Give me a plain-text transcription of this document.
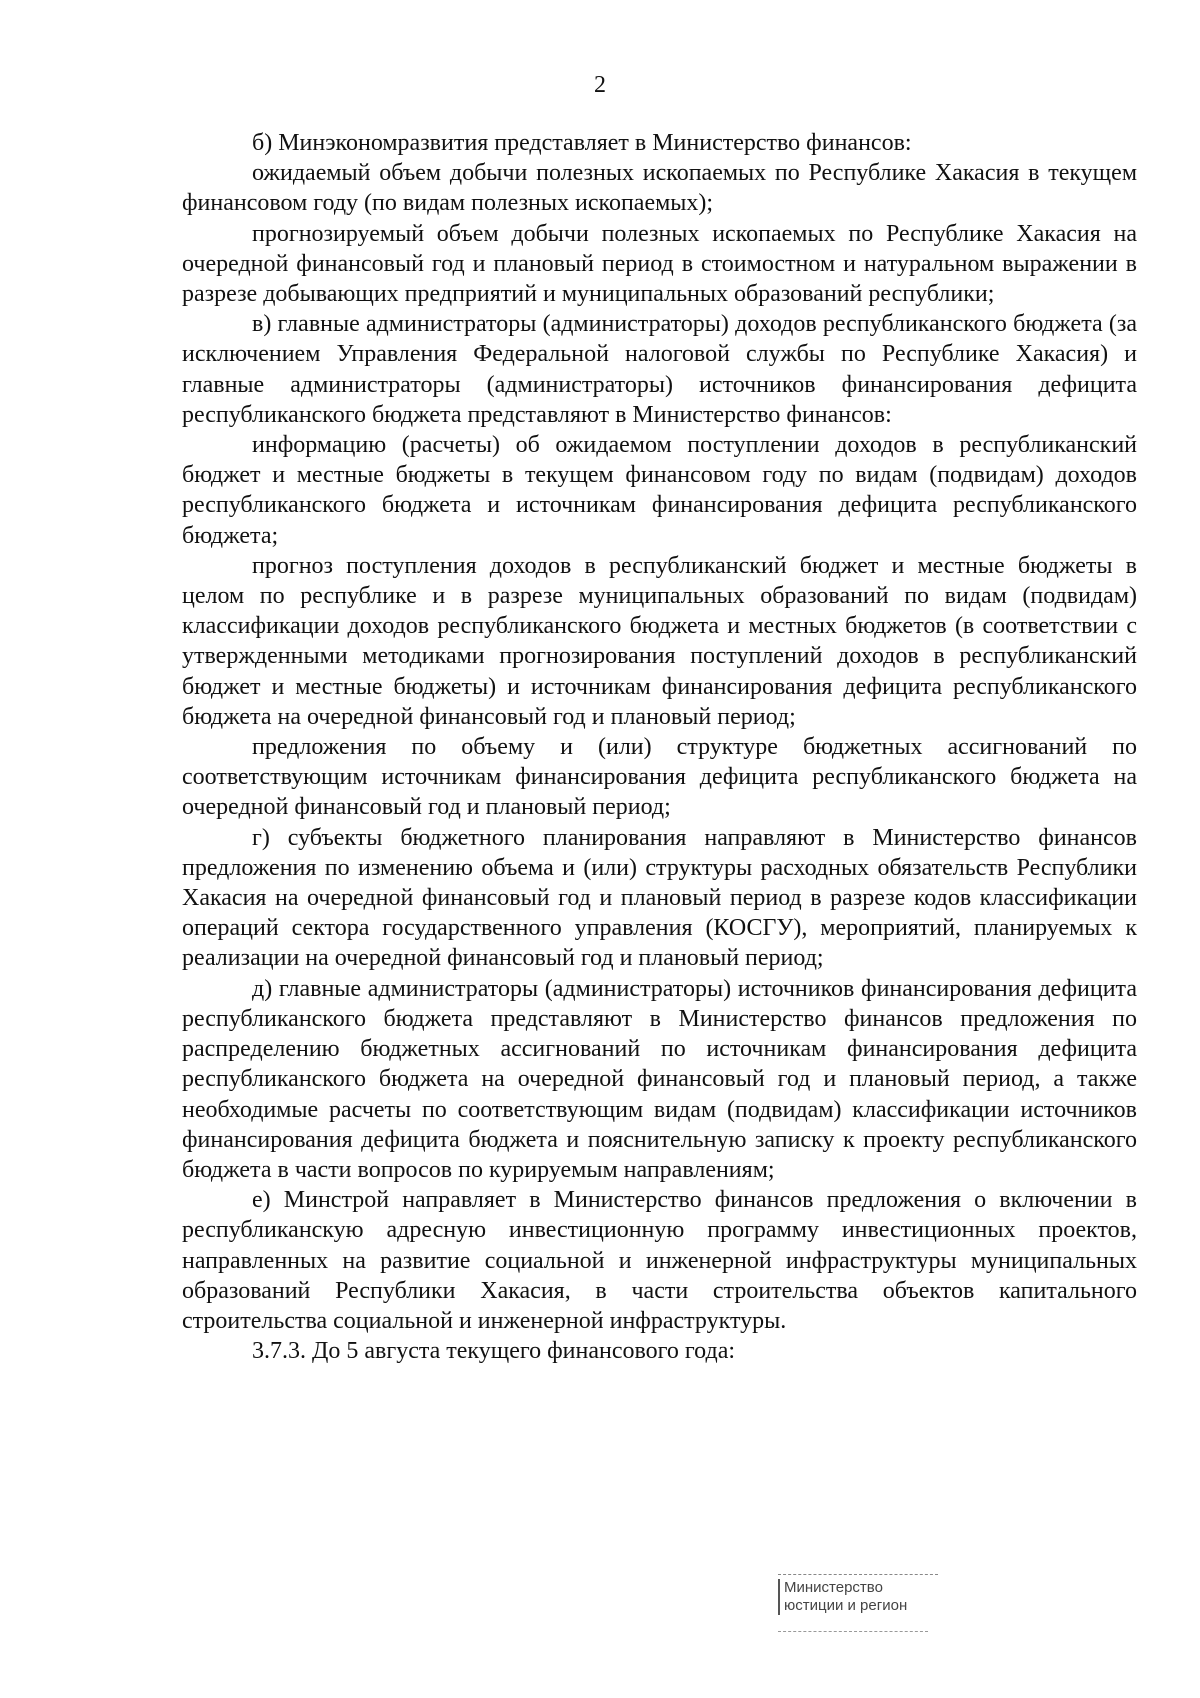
2

б) Минэкономразвития представляет в Министерство финансов:

ожидаемый объем добычи полезных ископаемых по Республике Хакасия в текущем финансовом году (по видам полезных ископаемых);

прогнозируемый объем добычи полезных ископаемых по Республике Хакасия на очередной финансовый год и плановый период в стоимостном и натуральном выражении в разрезе добывающих предприятий и муниципальных образований республики;

в) главные администраторы (администраторы) доходов республиканского бюджета (за исключением Управления Федеральной налоговой службы по Республике Хакасия) и главные администраторы (администраторы) источников финансирования дефицита республиканского бюджета представляют в Министерство финансов:

информацию (расчеты) об ожидаемом поступлении доходов в республиканский бюджет и местные бюджеты в текущем финансовом году по видам (подвидам) доходов республиканского бюджета и источникам финансирования дефицита республиканского бюджета;

прогноз поступления доходов в республиканский бюджет и местные бюджеты в целом по республике и в разрезе муниципальных образований по видам (подвидам) классификации доходов республиканского бюджета и местных бюджетов (в соответствии с утвержденными методиками прогнозирования поступлений доходов в республиканский бюджет и местные бюджеты) и источникам финансирования дефицита республиканского бюджета на очередной финансовый год и плановый период;

предложения по объему и (или) структуре бюджетных ассигнований по соответствующим источникам финансирования дефицита республиканского бюджета на очередной финансовый год и плановый период;

г) субъекты бюджетного планирования направляют в Министерство финансов предложения по изменению объема и (или) структуры расходных обязательств Республики Хакасия на очередной финансовый год и плановый период в разрезе кодов классификации операций сектора государственного управления (КОСГУ), мероприятий, планируемых к реализации на очередной финансовый год и плановый период;

д) главные администраторы (администраторы) источников финансирования дефицита республиканского бюджета представляют в Министерство финансов предложения по распределению бюджетных ассигнований по источникам финансирования дефицита республиканского бюджета на очередной финансовый год и плановый период, а также необходимые расчеты по соответствующим видам (подвидам) классификации источников финансирования дефицита бюджета и пояснительную записку к проекту республиканского бюджета в части вопросов по курируемым направлениям;

е) Минстрой направляет в Министерство финансов предложения о включении в республиканскую адресную инвестиционную программу инвестиционных проектов, направленных на развитие социальной и инженерной инфраструктуры муниципальных образований Республики Хакасия, в части строительства объектов капитального строительства социальной и инженерной инфраструктуры.

3.7.3. До 5 августа текущего финансового года:

Министерство
юстиции и регион
